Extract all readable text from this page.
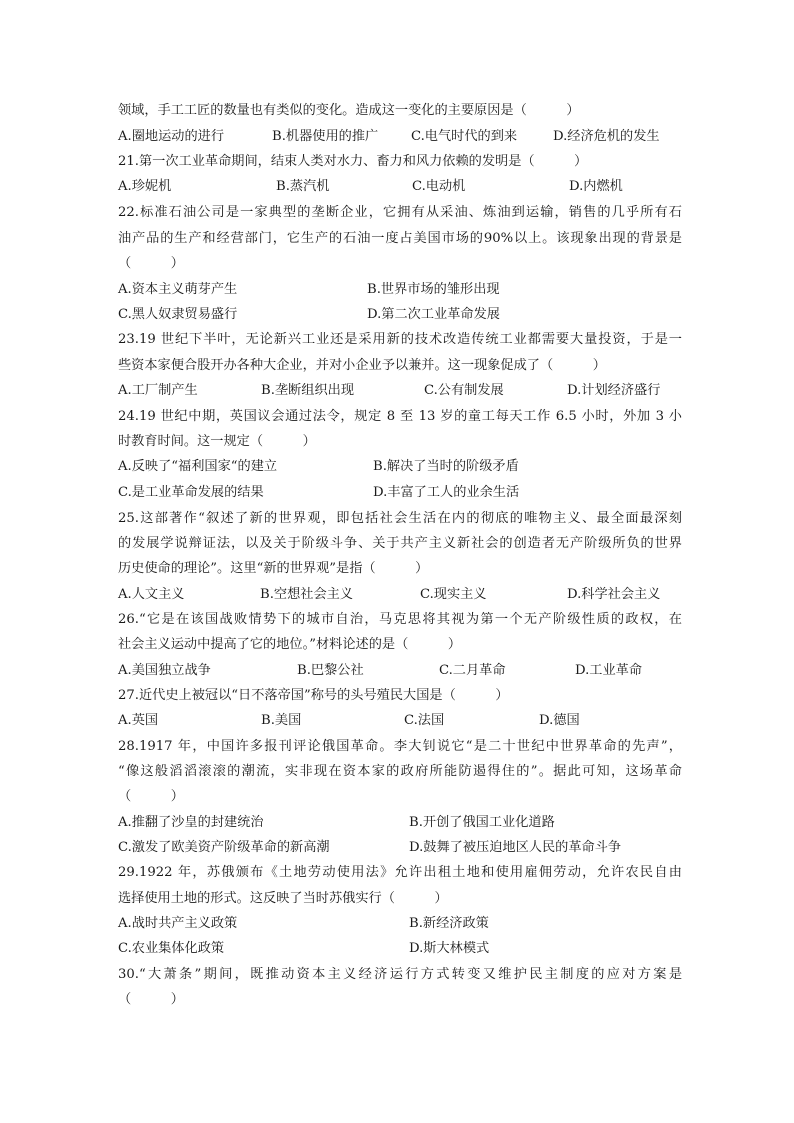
领域，手工工匠的数量也有类似的变化。造成这一变化的主要原因是（　　　）
A.圈地运动的进行	B.机器使用的推广 C.电气时代的到来	D.经济危机的发生
21.第一次工业革命期间，结束人类对水力、畜力和风力依赖的发明是（　　　）
A.珍妮机	B.蒸汽机	C.电动机	D.内燃机
22.标准石油公司是一家典型的垄断企业，它拥有从采油、炼油到运输，销售的几乎所有石
油产品的生产和经营部门，它生产的石油一度占美国市场的90%以上。该现象出现的背景是
（　　　）
A.资本主义萌芽产生	B.世界市场的雏形出现
C.黑人奴隶贸易盛行	D.第二次工业革命发展
23.19 世纪下半叶，无论新兴工业还是采用新的技术改造传统工业都需要大量投资，于是一
些资本家便合股开办各种大企业，并对小企业予以兼并。这一现象促成了（　　　）
A.工厂制产生	B.垄断组织出现	C.公有制发展	D.计划经济盛行
24.19 世纪中期，英国议会通过法令，规定 8 至 13 岁的童工每天工作 6.5 小时，外加 3 小
时教育时间。这一规定（　　　）
A.反映了“福利国家“的建立	B.解决了当时的阶级矛盾
C.是工业革命发展的结果	D.丰富了工人的业余生活
25.这部著作“叙述了新的世界观，即包括社会生活在内的彻底的唯物主义、最全面最深刻
的发展学说辩证法，以及关于阶级斗争、关于共产主义新社会的创造者无产阶级所负的世界
历史使命的理论”。这里“新的世界观”是指（　　　）
A.人文主义	B.空想社会主义	C.现实主义	D.科学社会主义
26.“它是在该国战败情势下的城市自治，马克思将其视为第一个无产阶级性质的政权，在
社会主义运动中提高了它的地位。”材料论述的是（　　　）
A.美国独立战争	B.巴黎公社	C.二月革命	D.工业革命
27.近代史上被冠以“日不落帝国”称号的头号殖民大国是（　　　）
A.英国	B.美国	C.法国	D.德国
28.1917 年，中国许多报刊评论俄国革命。李大钊说它“是二十世纪中世界革命的先声”，
“像这般滔滔滚滚的潮流，实非现在资本家的政府所能防遏得住的”。据此可知，这场革命
（　　　）
A.推翻了沙皇的封建统治	B.开创了俄国工业化道路
C.激发了欧美资产阶级革命的新高潮	D.鼓舞了被压迫地区人民的革命斗争
29.1922 年，苏俄颁布《土地劳动使用法》允许出租土地和使用雇佣劳动，允许农民自由
选择使用土地的形式。这反映了当时苏俄实行（　　　）
A.战时共产主义政策	B.新经济政策
C.农业集体化政策	D.斯大林模式
30.“大萧条”期间，既推动资本主义经济运行方式转变又维护民主制度的应对方案是
（　　　）
